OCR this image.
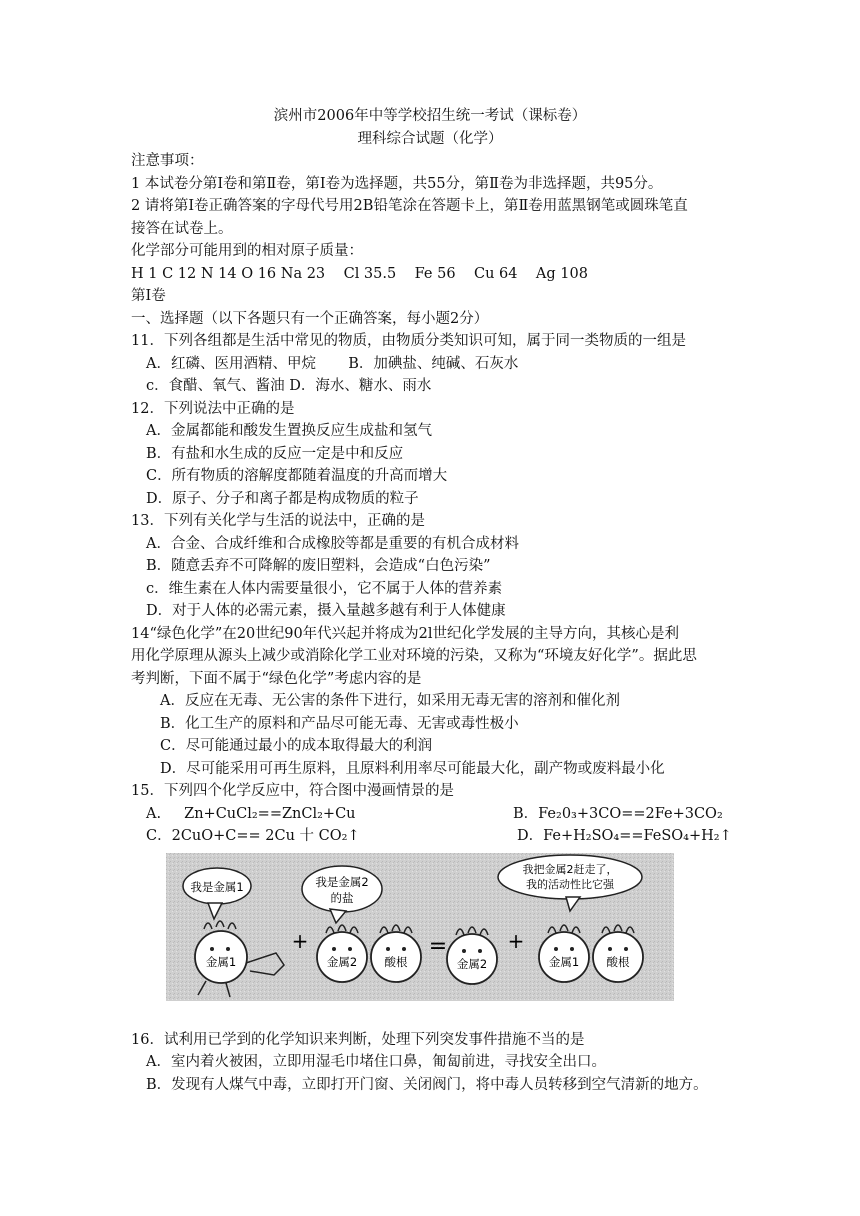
滨州市2006年中等学校招生统一考试（课标卷）
理科综合试题（化学）
注意事项：
1 本试卷分第Ⅰ卷和第Ⅱ卷，第Ⅰ卷为选择题，共55分，第Ⅱ卷为非选择题，共95分。
2 请将第Ⅰ卷正确答案的字母代号用2B铅笔涂在答题卡上，第Ⅱ卷用蓝黑钢笔或圆珠笔直
接答在试卷上。
化学部分可能用到的相对原子质量：
H 1 C 12 N 14 O 16 Na 23    Cl 35.5    Fe 56    Cu 64    Ag 108
第Ⅰ卷
一、选择题（以下各题只有一个正确答案，每小题2分）
11．下列各组都是生活中常见的物质，由物质分类知识可知，属于同一类物质的一组是
A．红磷、医用酒精、甲烷       B．加碘盐、纯碱、石灰水
c．食醋、氧气、酱油 D．海水、糖水、雨水
12．下列说法中正确的是
A．金属都能和酸发生置换反应生成盐和氢气
B．有盐和水生成的反应一定是中和反应
C．所有物质的溶解度都随着温度的升高而增大
D．原子、分子和离子都是构成物质的粒子
13．下列有关化学与生活的说法中，正确的是
A．合金、合成纤维和合成橡胶等都是重要的有机合成材料
B．随意丢弃不可降解的废旧塑料，会造成“白色污染”
c．维生素在人体内需要量很小，它不属于人体的营养素
D．对于人体的必需元素，摄入量越多越有利于人体健康
14“绿色化学”在20世纪90年代兴起并将成为2l世纪化学发展的主导方向，其核心是利
用化学原理从源头上减少或消除化学工业对环境的污染，又称为“环境友好化学”。据此思
考判断，下面不属于“绿色化学”考虑内容的是
A．反应在无毒、无公害的条件下进行，如采用无毒无害的溶剂和催化剂
B．化工生产的原料和产品尽可能无毒、无害或毒性极小
C．尽可能通过最小的成本取得最大的利润
D．尽可能采用可再生原料，且原料利用率尽可能最大化，副产物或废料最小化
15．下列四个化学反应中，符合图中漫画情景的是
A.     Zn+CuCl₂==ZnCl₂+Cu	B．Fe₂0₃+3CO==2Fe+3CO₂
C．2CuO+C== 2Cu 十 CO₂↑	D．Fe+H₂SO₄==FeSO₄+H₂↑
我是金属1	我是金属2
的盐
我把金属2赶走了，
我的活动性比它强
金属1
+
金属2 酸根
=
金属2
+
金属1 酸根
16．试利用已学到的化学知识来判断，处理下列突发事件措施不当的是
A．室内着火被困，立即用湿毛巾堵住口鼻，匍匐前进，寻找安全出口。
B．发现有人煤气中毒，立即打开门窗、关闭阀门，将中毒人员转移到空气清新的地方。
